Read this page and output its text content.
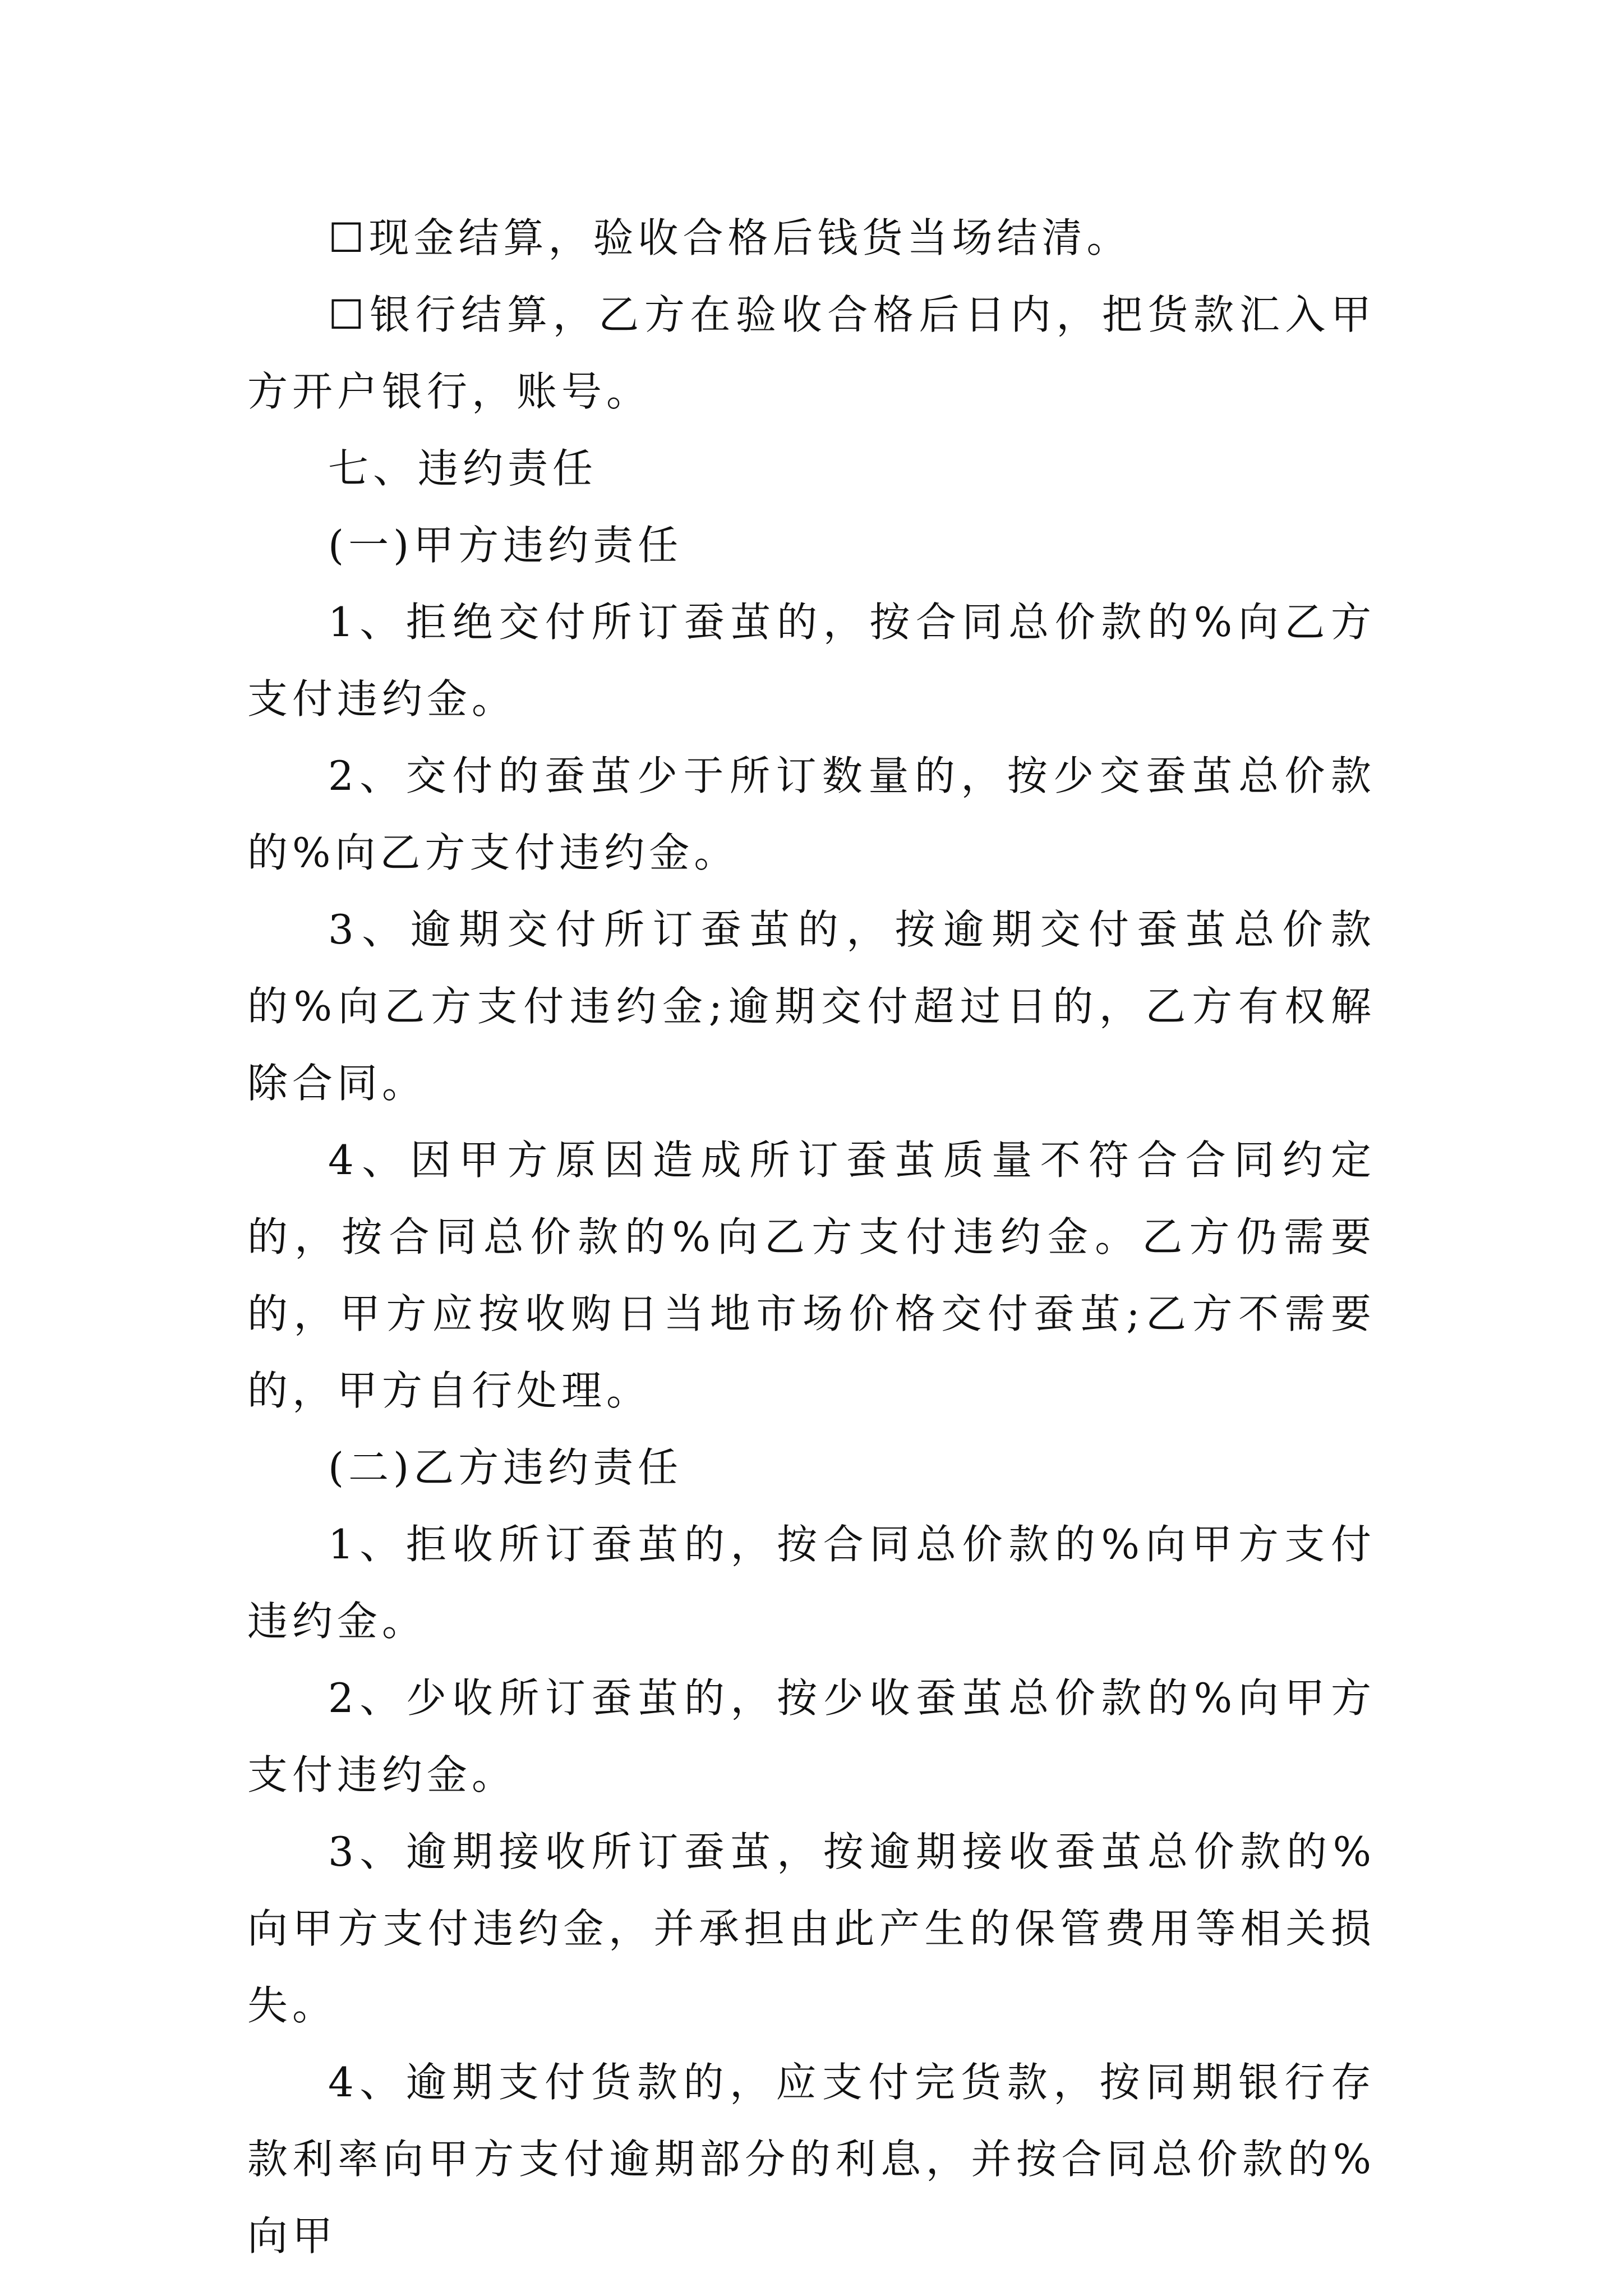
☐现金结算，验收合格后钱货当场结清。

☐银行结算，乙方在验收合格后日内，把货款汇入甲方开户银行，账号。

七、违约责任

(一)甲方违约责任

1、拒绝交付所订蚕茧的，按合同总价款的%向乙方支付违约金。

2、交付的蚕茧少于所订数量的，按少交蚕茧总价款的%向乙方支付违约金。

3、逾期交付所订蚕茧的，按逾期交付蚕茧总价款的%向乙方支付违约金;逾期交付超过日的，乙方有权解除合同。

4、因甲方原因造成所订蚕茧质量不符合合同约定的，按合同总价款的%向乙方支付违约金。乙方仍需要的，甲方应按收购日当地市场价格交付蚕茧;乙方不需要的，甲方自行处理。

(二)乙方违约责任

1、拒收所订蚕茧的，按合同总价款的%向甲方支付违约金。

2、少收所订蚕茧的，按少收蚕茧总价款的%向甲方支付违约金。

3、逾期接收所订蚕茧，按逾期接收蚕茧总价款的%向甲方支付违约金，并承担由此产生的保管费用等相关损失。

4、逾期支付货款的，应支付完货款，按同期银行存款利率向甲方支付逾期部分的利息，并按合同总价款的%向甲
